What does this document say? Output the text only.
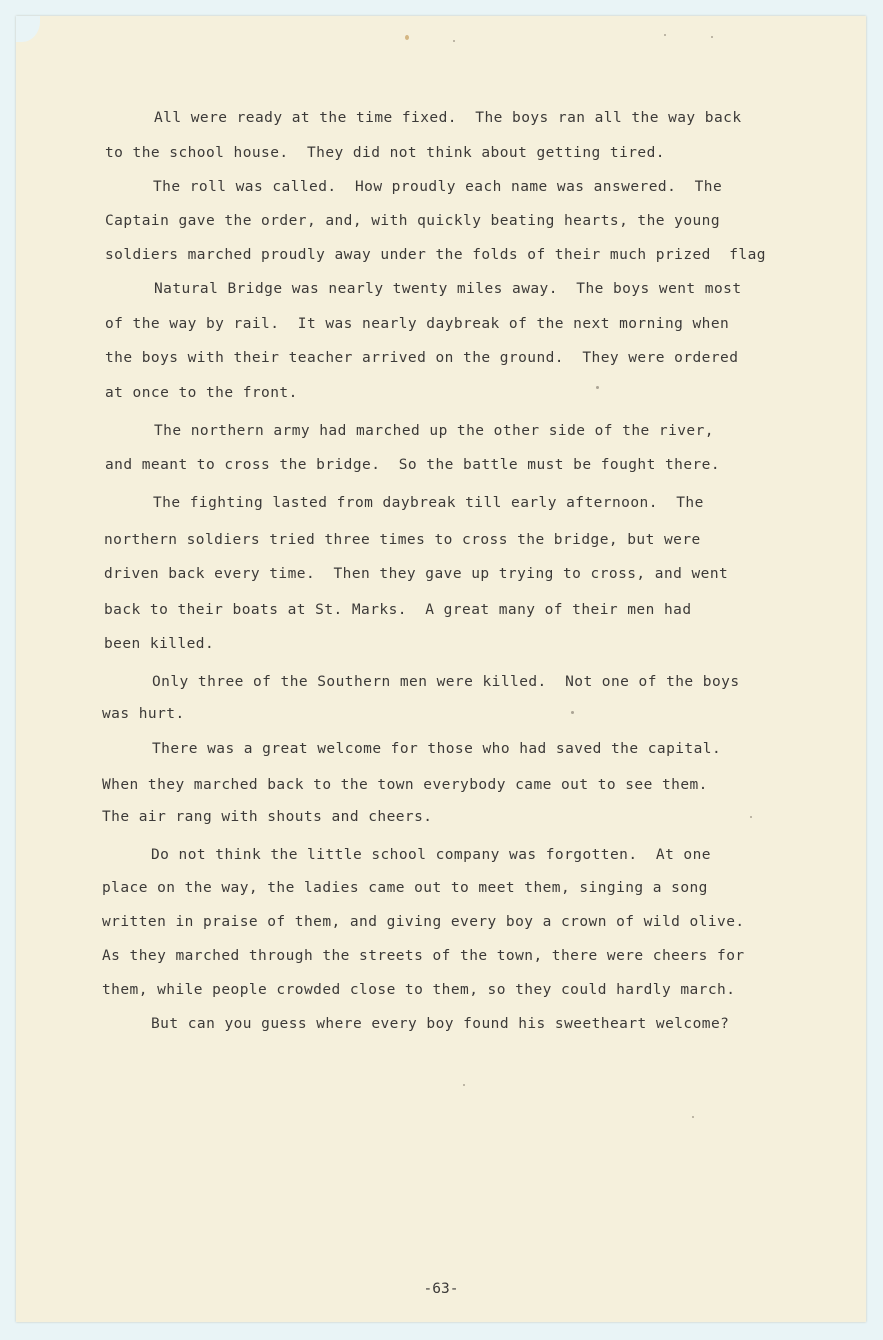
All were ready at the time fixed.  The boys ran all the way back
to the school house.  They did not think about getting tired.
The roll was called.  How proudly each name was answered.  The
Captain gave the order, and, with quickly beating hearts, the young
soldiers marched proudly away under the folds of their much prized  flag
Natural Bridge was nearly twenty miles away.  The boys went most
of the way by rail.  It was nearly daybreak of the next morning when
the boys with their teacher arrived on the ground.  They were ordered
at once to the front.
The northern army had marched up the other side of the river,
and meant to cross the bridge.  So the battle must be fought there.
The fighting lasted from daybreak till early afternoon.  The
northern soldiers tried three times to cross the bridge, but were
driven back every time.  Then they gave up trying to cross, and went
back to their boats at St. Marks.  A great many of their men had
been killed.
Only three of the Southern men were killed.  Not one of the boys
was hurt.
There was a great welcome for those who had saved the capital.
When they marched back to the town everybody came out to see them.
The air rang with shouts and cheers.
Do not think the little school company was forgotten.  At one
place on the way, the ladies came out to meet them, singing a song
written in praise of them, and giving every boy a crown of wild olive.
As they marched through the streets of the town, there were cheers for
them, while people crowded close to them, so they could hardly march.
But can you guess where every boy found his sweetheart welcome?
-63-
